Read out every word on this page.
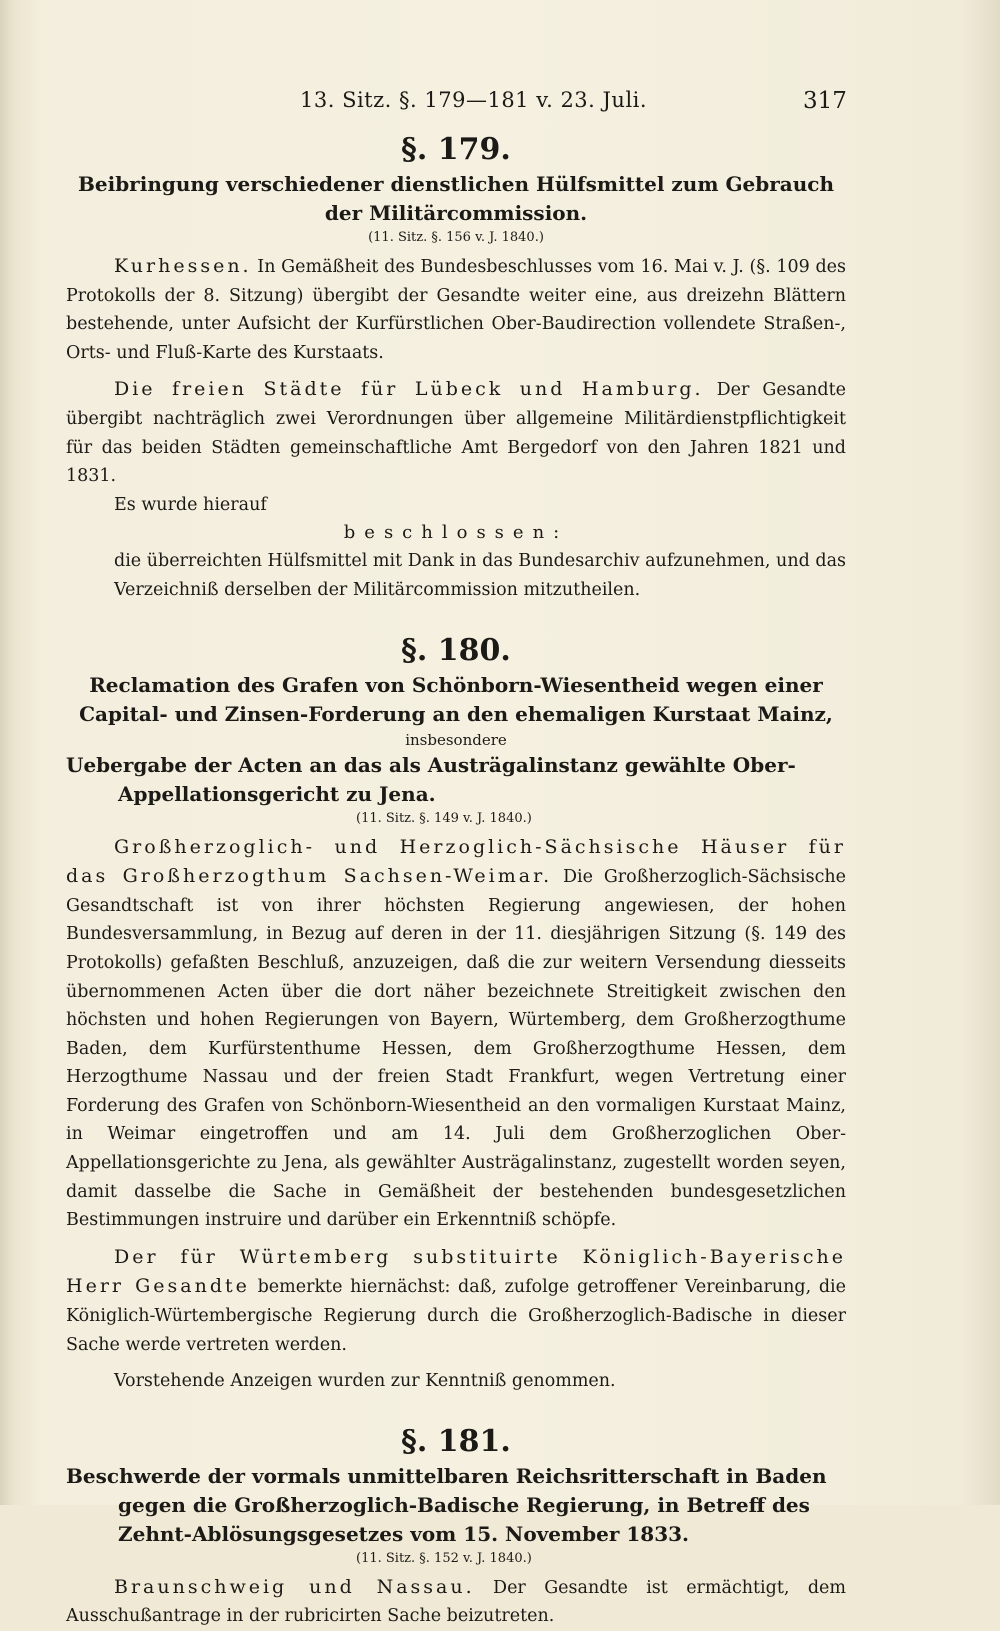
13. Sitz. §. 179—181 v. 23. Juli.	317
§. 179.
Beibringung verschiedener dienstlichen Hülfsmittel zum Gebrauch der Militärcommission.
(11. Sitz. §. 156 v. J. 1840.)

Kurhessen. In Gemäßheit des Bundesbeschlusses vom 16. Mai v. J. (§. 109 des Protokolls der 8. Sitzung) übergibt der Gesandte weiter eine, aus dreizehn Blättern bestehende, unter Aufsicht der Kurfürstlichen Ober-Baudirection vollendete Straßen-, Orts- und Fluß-Karte des Kurstaats.

Die freien Städte für Lübeck und Hamburg. Der Gesandte übergibt nachträglich zwei Verordnungen über allgemeine Militärdienstpflichtigkeit für das beiden Städten gemeinschaftliche Amt Bergedorf von den Jahren 1821 und 1831.

Es wurde hierauf

beschlossen:

die überreichten Hülfsmittel mit Dank in das Bundesarchiv aufzunehmen, und das Verzeichniß derselben der Militärcommission mitzutheilen.

§. 180.
Reclamation des Grafen von Schönborn-Wiesentheid wegen einer Capital- und Zinsen-Forderung an den ehemaligen Kurstaat Mainz,
insbesondere
Uebergabe der Acten an das als Austrägalinstanz gewählte Ober-Appellationsgericht zu Jena.
(11. Sitz. §. 149 v. J. 1840.)

Großherzoglich- und Herzoglich-Sächsische Häuser für das Großherzogthum Sachsen-Weimar. Die Großherzoglich-Sächsische Gesandtschaft ist von ihrer höchsten Regierung angewiesen, der hohen Bundesversammlung, in Bezug auf deren in der 11. diesjährigen Sitzung (§. 149 des Protokolls) gefaßten Beschluß, anzuzeigen, daß die zur weitern Versendung diesseits übernommenen Acten über die dort näher bezeichnete Streitigkeit zwischen den höchsten und hohen Regierungen von Bayern, Würtemberg, dem Großherzogthume Baden, dem Kurfürstenthume Hessen, dem Großherzogthume Hessen, dem Herzogthume Nassau und der freien Stadt Frankfurt, wegen Vertretung einer Forderung des Grafen von Schönborn-Wiesentheid an den vormaligen Kurstaat Mainz, in Weimar eingetroffen und am 14. Juli dem Großherzoglichen Ober-Appellationsgerichte zu Jena, als gewählter Austrägalinstanz, zugestellt worden seyen, damit dasselbe die Sache in Gemäßheit der bestehenden bundesgesetzlichen Bestimmungen instruire und darüber ein Erkenntniß schöpfe.

Der für Würtemberg substituirte Königlich-Bayerische Herr Gesandte bemerkte hiernächst: daß, zufolge getroffener Vereinbarung, die Königlich-Würtembergische Regierung durch die Großherzoglich-Badische in dieser Sache werde vertreten werden.

Vorstehende Anzeigen wurden zur Kenntniß genommen.

§. 181.
Beschwerde der vormals unmittelbaren Reichsritterschaft in Baden gegen die Großherzoglich-Badische Regierung, in Betreff des Zehnt-Ablösungsgesetzes vom 15. November 1833.
(11. Sitz. §. 152 v. J. 1840.)

Braunschweig und Nassau. Der Gesandte ist ermächtigt, dem Ausschußantrage in der rubricirten Sache beizutreten.
